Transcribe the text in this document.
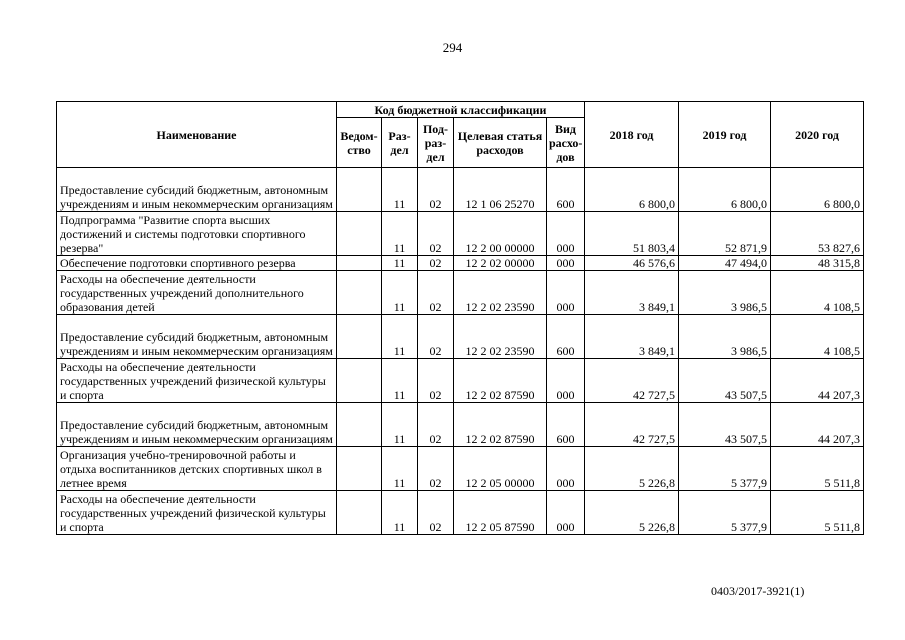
294
Наименование	Код бюджетной классификации					2018 год	2019 год	2020 год
	Ведом-ство	Раз-дел	Под-раз-дел	Целевая статья расходов	Вид расхо-дов			
Предоставление субсидий бюджетным, автономным учреждениям и иным некоммерческим организациям		11	02	12 1 06 25270	600	6 800,0	6 800,0	6 800,0
Подпрограмма "Развитие спорта высших достижений и системы подготовки спортивного резерва"		11	02	12 2 00 00000	000	51 803,4	52 871,9	53 827,6
Обеспечение подготовки спортивного резерва		11	02	12 2 02 00000	000	46 576,6	47 494,0	48 315,8
Расходы на обеспечение деятельности государственных учреждений дополнительного образования детей		11	02	12 2 02 23590	000	3 849,1	3 986,5	4 108,5
Предоставление субсидий бюджетным, автономным учреждениям и иным некоммерческим организациям		11	02	12 2 02 23590	600	3 849,1	3 986,5	4 108,5
Расходы на обеспечение деятельности государственных учреждений физической культуры и спорта		11	02	12 2 02 87590	000	42 727,5	43 507,5	44 207,3
Предоставление субсидий бюджетным, автономным учреждениям и иным некоммерческим организациям		11	02	12 2 02 87590	600	42 727,5	43 507,5	44 207,3
Организация учебно-тренировочной работы и отдыха воспитанников детских спортивных школ в летнее время		11	02	12 2 05 00000	000	5 226,8	5 377,9	5 511,8
Расходы на обеспечение деятельности государственных учреждений физической культуры и спорта		11	02	12 2 05 87590	000	5 226,8	5 377,9	5 511,8
0403/2017-3921(1)
